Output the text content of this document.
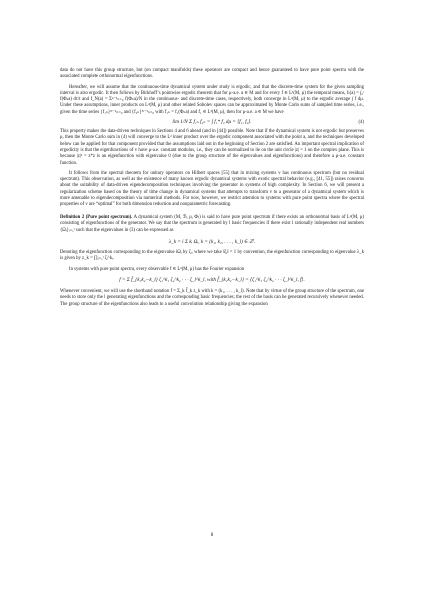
data do not have this group structure, but (on compact manifolds) these operators are compact and hence guaranteed to have pure point spectra with the associated complete orthonormal eigenfunctions.

Hereafter, we will assume that the continuous-time dynamical system under study is ergodic, and that the discrete-time system for the given sampling interval is also ergodic. It then follows by Birkhoff’s pointwise ergodic theorem that for μ-a.e. a ∈ M and for every f ∈ L¹(M, μ) the temporal means, fₜ(a) = ∫₀ᵗ f(Φₛa) dτ/t and f_N(a) = Σⁿ⁻¹ₙ₌₀ f(Φₙa)/N in the continuous- and discrete-time cases, respectively, both converge in L²(M, μ) to the ergodic average ∫ f dμ. Under these assumptions, inner products on L²(M, μ) and other related Sobolev spaces can be approximated by Monte Carlo sums of sampled time series, i.e., given the time series {f₁ₙ}ᴺ⁻¹ₙ₌₀ and {f₂ₙ}ᴺ⁻¹ₙ₌₀ with f₁ₙ = f₁(Φₙa) and f₁ ∈ L²(M, μ), then for μ-a.e. a ∈ M we have

lim 1/N Σ f₁ₙ f₂ₙ = ∫ f₁* f₂ dμ = ⟨f₁, f₂⟩.	(4)

This property makes the data-driven techniques in Sections 4 and 6 ahead (and in [44]) possible. Note that if the dynamical system is not ergodic but preserves μ, then the Monte Carlo sum in (4) will converge to the L² inner product over the ergodic component associated with the point a, and the techniques developed below can be applied for that component provided that the assumptions laid out in the beginning of Section 2 are satisfied. An important spectral implication of ergodicity is that the eigenfunctions of v have μ-a.e. constant modulus, i.e., they can be normalized to lie on the unit circle |z| = 1 on the complex plane. This is because |z|² = z*z is an eigenfunction with eigenvalue 0 (due to the group structure of the eigenvalues and eigenfunctions) and therefore a μ-a.e. constant function.

It follows from the spectral theorem for unitary operators on Hilbert spaces [55] that in mixing systems v has continuous spectrum (but no residual spectrum). This observation, as well as the existence of many known ergodic dynamical systems with exotic spectral behavior (e.g., [41, 55]) raises concerns about the suitability of data-driven eigendecomposition techniques involving the generator in systems of high complexity. In Section 6, we will present a regularization scheme based on the theory of time change in dynamical systems that attempts to transform v to a generator of a dynamical system which is more amenable to eigendecomposition via numerical methods. For now, however, we restrict attention to systems with pure point spectra where the spectral properties of v are “optimal” for both dimension reduction and nonparametric forecasting.

Definition 2 (Pure point spectrum). A dynamical system (M, ℬ, μ, Φₜ) is said to have pure point spectrum if there exists an orthonormal basis of L²(M, μ) consisting of eigenfunctions of the generator. We say that the spectrum is generated by l basic frequencies if there exist l rationally independent real numbers {Ωᵢ}ᵢ₌₁ˡ such that the eigenvalues in (3) can be expressed as

λ_k = i Σ kᵢ Ωᵢ, k = (k₁, k₂, . . . , k_l) ∈ ℤˡ.

Denoting the eigenfunction corresponding to the eigenvalue iΩᵢ by ζᵢ, where we take ‖ζᵢ‖ = 1 by convention, the eigenfunction corresponding to eigenvalue λ_k is given by z_k = ∏ᵢ₌₁ˡ ζᵢ^kᵢ.

In systems with pure point spectra, every observable f ∈ L²(M, μ) has the Fourier expansion

f = Σ f̂_{k₁k₂···k_l} ζ₁^k₁ ζ₂^k₂ · · · ζ_l^k_l, with f̂_{k₁k₂···k_l} = ⟨ζ₁^k₁ ζ₂^k₂ · · · ζ_l^k_l, f⟩.

Whenever convenient, we will use the shorthand notation f = Σ_k f̂_k z_k with k = (k₁, . . . , k_l). Note that by virtue of the group structure of the spectrum, one needs to store only the l generating eigenfunctions and the corresponding basic frequencies; the rest of the basis can be generated recursively whenever needed. The group structure of the eigenfunctions also leads to a useful convolution relationship giving the expansion

8
